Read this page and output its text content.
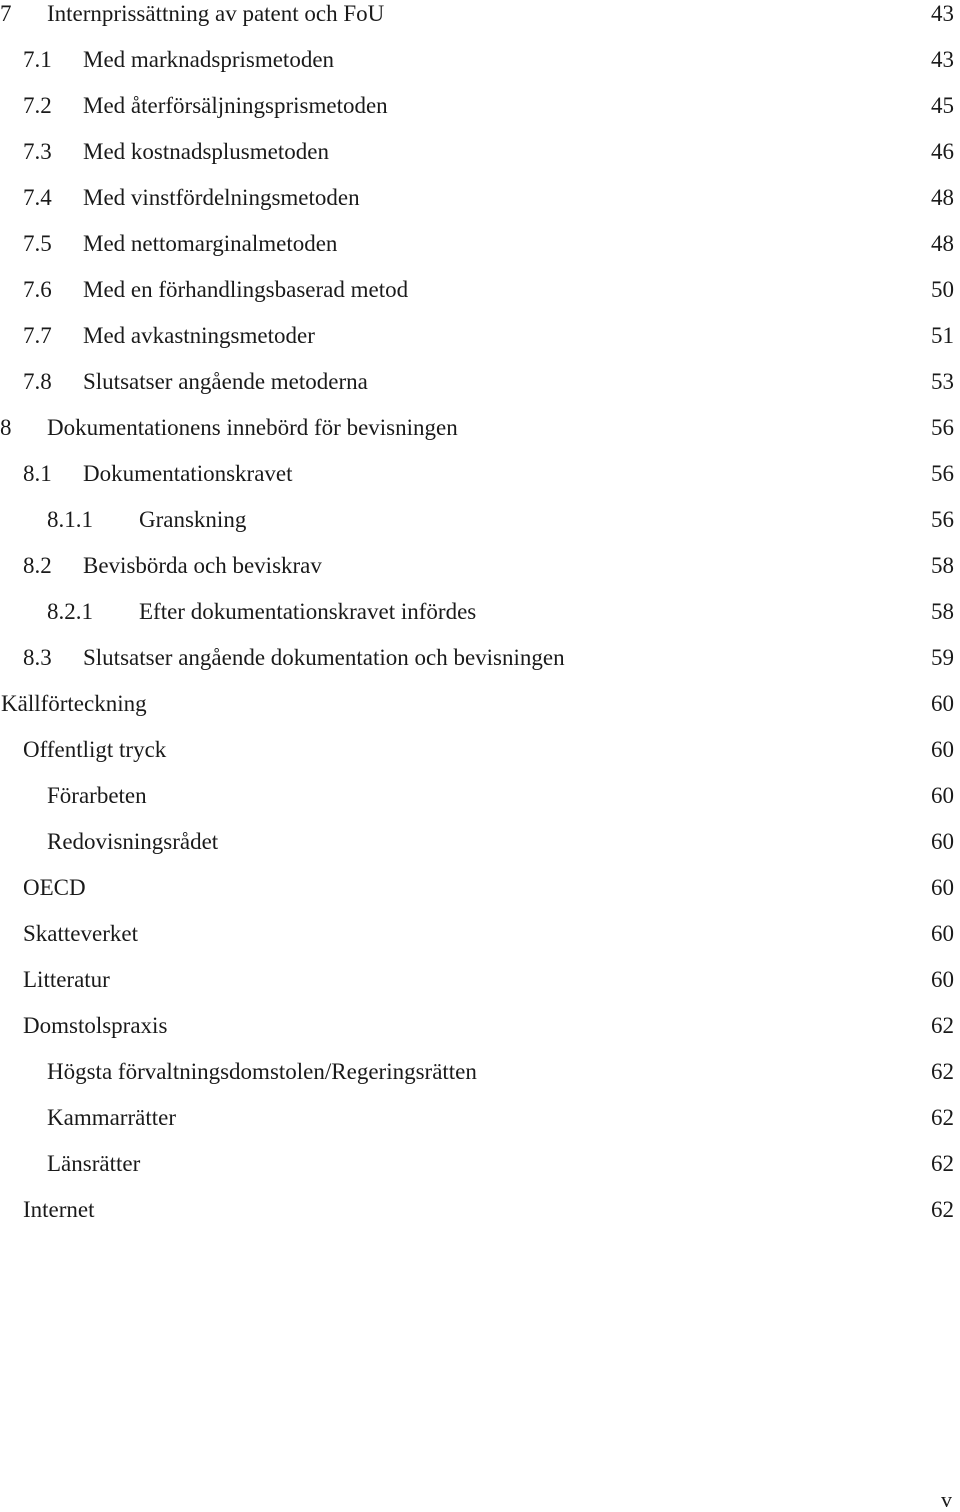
7 Internprissättning av patent och FoU	43
7.1 Med marknadsprismetoden	43
7.2 Med återförsäljningsprismetoden	45
7.3 Med kostnadsplusmetoden	46
7.4 Med vinstfördelningsmetoden	48
7.5 Med nettomarginalmetoden	48
7.6 Med en förhandlingsbaserad metod	50
7.7 Med avkastningsmetoder	51
7.8 Slutsatser angående metoderna	53
8 Dokumentationens innebörd för bevisningen	56
8.1 Dokumentationskravet	56
8.1.1 Granskning	56
8.2 Bevisbörda och beviskrav	58
8.2.1 Efter dokumentationskravet infördes	58
8.3 Slutsatser angående dokumentation och bevisningen	59
Källförteckning	60
Offentligt tryck	60
Förarbeten	60
Redovisningsrådet	60
OECD	60
Skatteverket	60
Litteratur	60
Domstolspraxis	62
Högsta förvaltningsdomstolen/Regeringsrätten	62
Kammarrätter	62
Länsrätter	62
Internet	62
v
